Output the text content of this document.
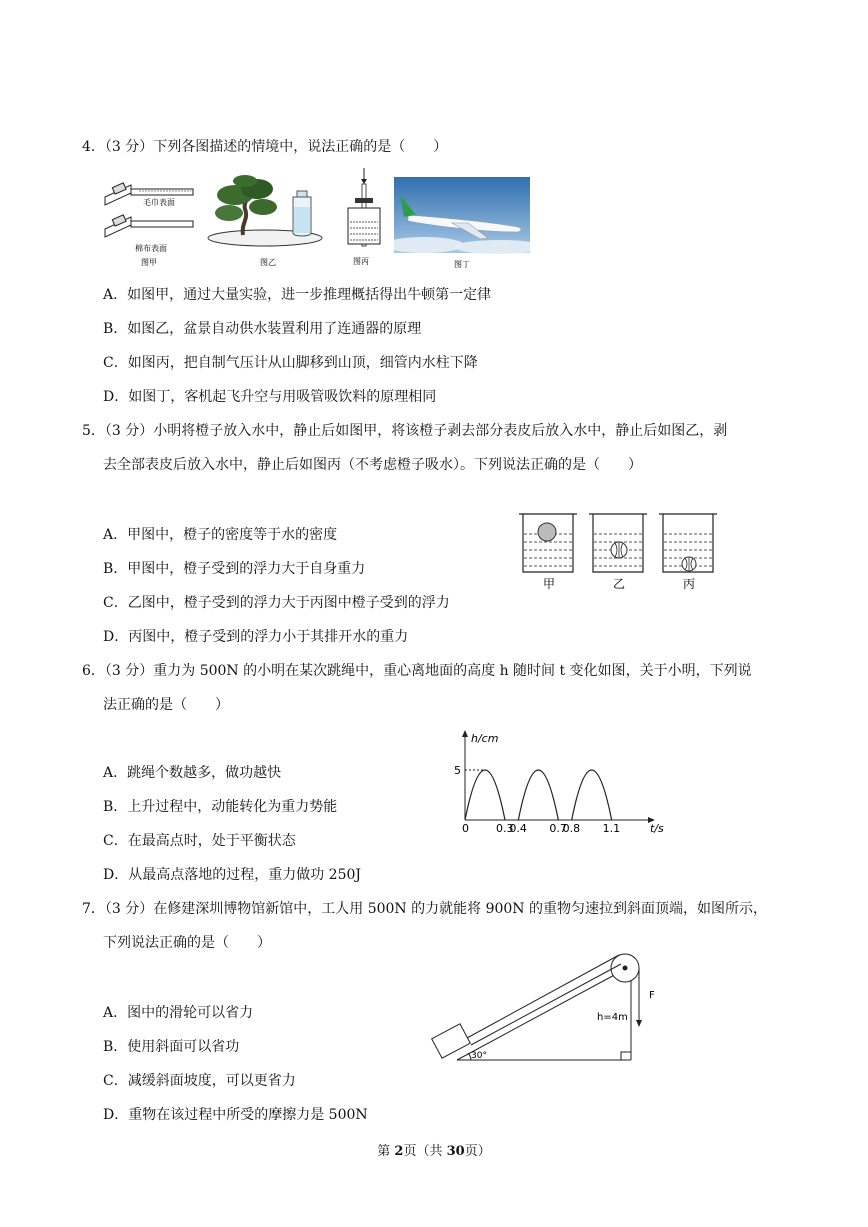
4．（3 分）下列各图描述的情境中，说法正确的是（　　）
毛巾表面
棉布表面
图甲	图乙	图丙	图丁
A．如图甲，通过大量实验，进一步推理概括得出牛顿第一定律
B．如图乙，盆景自动供水装置利用了连通器的原理
C．如图丙，把自制气压计从山脚移到山顶，细管内水柱下降
D．如图丁，客机起飞升空与用吸管吸饮料的原理相同
5．（3 分）小明将橙子放入水中，静止后如图甲，将该橙子剥去部分表皮后放入水中，静止后如图乙，剥
去全部表皮后放入水中，静止后如图丙（不考虑橙子吸水）。下列说法正确的是（　　）
甲	乙	丙
A．甲图中，橙子的密度等于水的密度
B．甲图中，橙子受到的浮力大于自身重力
C．乙图中，橙子受到的浮力大于丙图中橙子受到的浮力
D．丙图中，橙子受到的浮力小于其排开水的重力
6．（3 分）重力为 500N 的小明在某次跳绳中，重心离地面的高度 h 随时间 t 变化如图，关于小明，下列说
法正确的是（　　）
h/cm
t/s
5
0 0.3
0.4 0.7
0.8 1.1
A．跳绳个数越多，做功越快
B．上升过程中，动能转化为重力势能
C．在最高点时，处于平衡状态
D．从最高点落地的过程，重力做功 250J
7．（3 分）在修建深圳博物馆新馆中，工人用 500N 的力就能将 900N 的重物匀速拉到斜面顶端，如图所示，
下列说法正确的是（　　）
30°
F
h=4m
A．图中的滑轮可以省力
B．使用斜面可以省功
C．减缓斜面坡度，可以更省力
D．重物在该过程中所受的摩擦力是 500N
第 2页（共 30页）
